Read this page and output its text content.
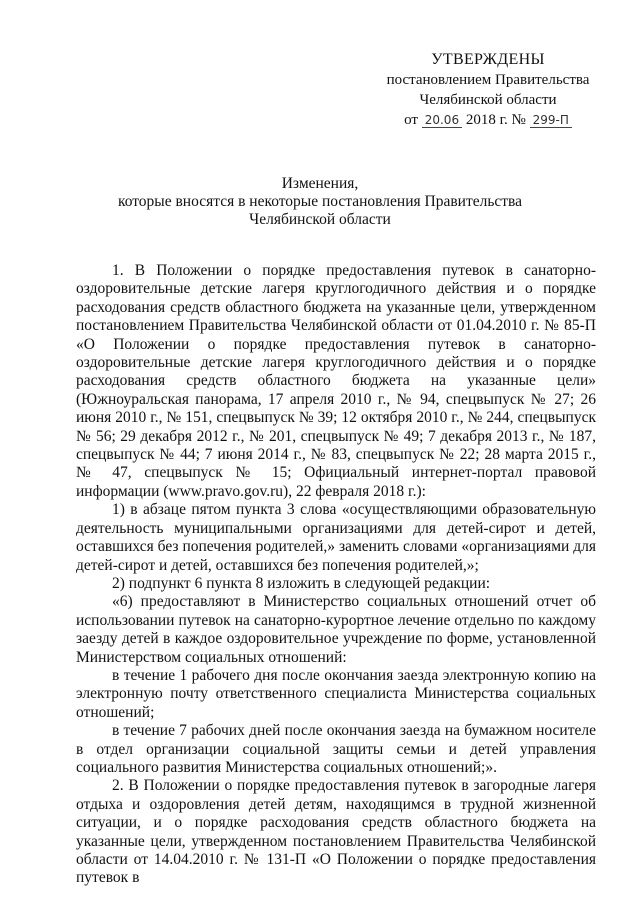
УТВЕРЖДЕНЫ
постановлением Правительства
Челябинской области
от 20.06 2018 г. № 299-П
Изменения,
которые вносятся в некоторые постановления Правительства
Челябинской области

1. В Положении о порядке предоставления путевок в санаторно-оздоровительные детские лагеря круглогодичного действия и о порядке расходования средств областного бюджета на указанные цели, утвержденном постановлением Правительства Челябинской области от 01.04.2010 г. № 85-П «О Положении о порядке предоставления путевок в санаторно-оздоровительные детские лагеря круглогодичного действия и о порядке расходования средств областного бюджета на указанные цели» (Южноуральская панорама, 17 апреля 2010 г., № 94, спецвыпуск № 27; 26 июня 2010 г., № 151, спецвыпуск № 39; 12 октября 2010 г., № 244, спецвыпуск № 56; 29 декабря 2012 г., № 201, спецвыпуск № 49; 7 декабря 2013 г., № 187, спецвыпуск № 44; 7 июня 2014 г., № 83, спецвыпуск № 22; 28 марта 2015 г., № 47, спецвыпуск № 15; Официальный интернет-портал правовой информации (www.pravo.gov.ru), 22 февраля 2018 г.):

1) в абзаце пятом пункта 3 слова «осуществляющими образовательную деятельность муниципальными организациями для детей-сирот и детей, оставшихся без попечения родителей,» заменить словами «организациями для детей-сирот и детей, оставшихся без попечения родителей,»;

2) подпункт 6 пункта 8 изложить в следующей редакции:

«6) предоставляют в Министерство социальных отношений отчет об использовании путевок на санаторно-курортное лечение отдельно по каждому заезду детей в каждое оздоровительное учреждение по форме, установленной Министерством социальных отношений:

в течение 1 рабочего дня после окончания заезда электронную копию на электронную почту ответственного специалиста Министерства социальных отношений;

в течение 7 рабочих дней после окончания заезда на бумажном носителе в отдел организации социальной защиты семьи и детей управления социального развития Министерства социальных отношений;».

2. В Положении о порядке предоставления путевок в загородные лагеря отдыха и оздоровления детей детям, находящимся в трудной жизненной ситуации, и о порядке расходования средств областного бюджета на указанные цели, утвержденном постановлением Правительства Челябинской области от 14.04.2010 г. № 131-П «О Положении о порядке предоставления путевок в
